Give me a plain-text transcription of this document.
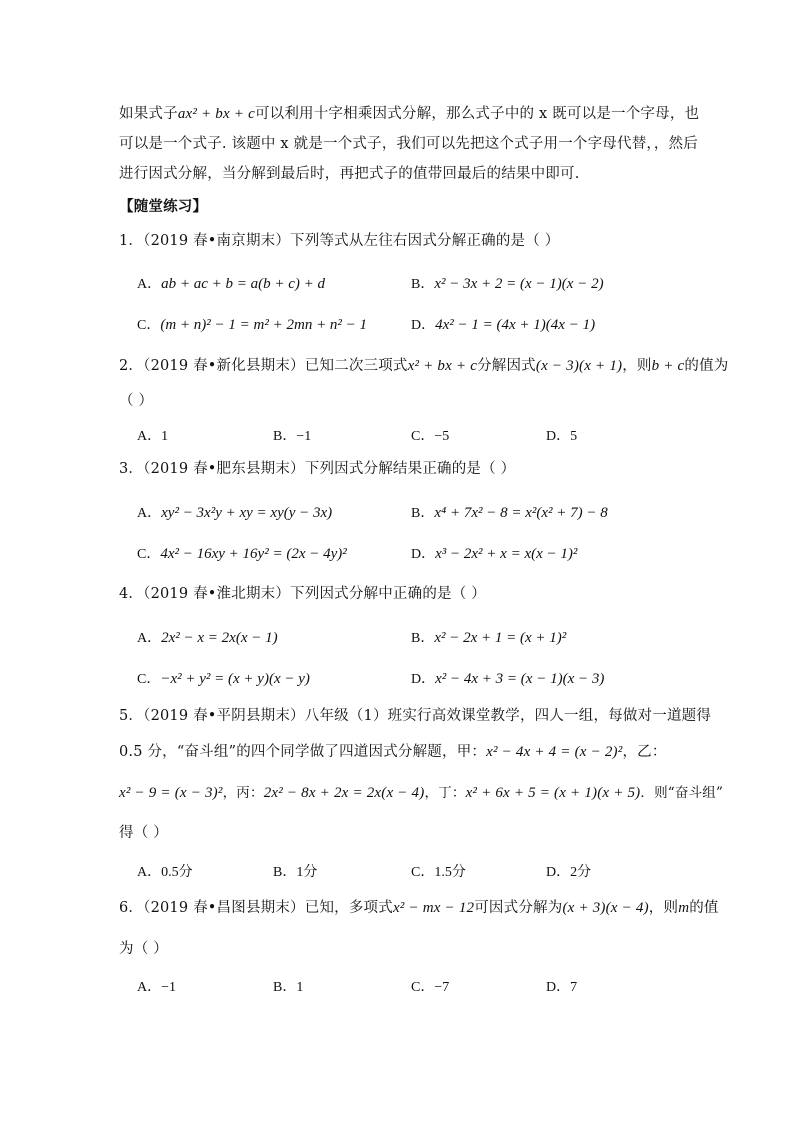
如果式子ax² + bx + c可以利用十字相乘因式分解，那么式子中的 x 既可以是一个字母，也
可以是一个式子. 该题中 x 就是一个式子，我们可以先把这个式子用一个字母代替，，然后
进行因式分解，当分解到最后时，再把式子的值带回最后的结果中即可.
【随堂练习】
1．（2019 春•南京期末）下列等式从左往右因式分解正确的是（ ）
A．ab + ac + b = a(b + c) + d	B．x² − 3x + 2 = (x − 1)(x − 2)
C．(m + n)² − 1 = m² + 2mn + n² − 1	D．4x² − 1 = (4x + 1)(4x − 1)
2．（2019 春•新化县期末）已知二次三项式x² + bx + c分解因式(x − 3)(x + 1)，则b + c的值为
（ ）
A．1	B．−1	C．−5	D．5
3．（2019 春•肥东县期末）下列因式分解结果正确的是（ ）
A．xy² − 3x²y + xy = xy(y − 3x)	B．x⁴ + 7x² − 8 = x²(x² + 7) − 8
C．4x² − 16xy + 16y² = (2x − 4y)²	D．x³ − 2x² + x = x(x − 1)²
4．（2019 春•淮北期末）下列因式分解中正确的是（ ）
A．2x² − x = 2x(x − 1)	B．x² − 2x + 1 = (x + 1)²
C．−x² + y² = (x + y)(x − y)	D．x² − 4x + 3 = (x − 1)(x − 3)
5．（2019 春•平阴县期末）八年级（1）班实行高效课堂教学，四人一组，每做对一道题得
0.5 分，“奋斗组”的四个同学做了四道因式分解题，甲：x² − 4x + 4 = (x − 2)²，乙：
x² − 9 = (x − 3)²，丙：2x² − 8x + 2x = 2x(x − 4)，丁：x² + 6x + 5 = (x + 1)(x + 5)．则“奋斗组”
得（ ）
A．0.5分	B．1分	C．1.5分	D．2分
6．（2019 春•昌图县期末）已知，多项式x² − mx − 12可因式分解为(x + 3)(x − 4)，则m的值
为（ ）
A．−1	B．1	C．−7	D．7
